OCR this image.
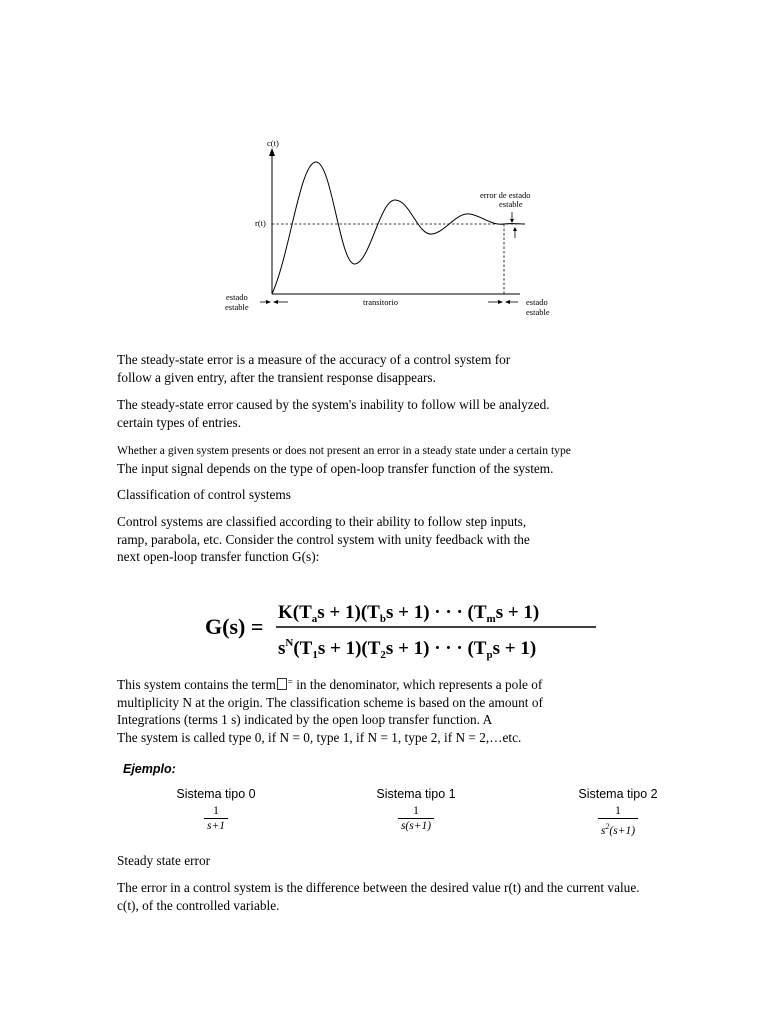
c(t)
r(t)
error de estado
estable
estado
estable	transitorio	estado
estable

The steady-state error is a measure of the accuracy of a control system for
follow a given entry, after the transient response disappears.

The steady-state error caused by the system's inability to follow will be analyzed.
certain types of entries.

Whether a given system presents or does not present an error in a steady state under a certain type
The input signal depends on the type of open-loop transfer function of the system.

Classification of control systems

Control systems are classified according to their ability to follow step inputs,
ramp, parabola, etc. Consider the control system with unity feedback with the
next open-loop transfer function G(s):

G(s) =
$K(T_as + 1)(T_bs + 1)$ · · · $(T_ms + 1)$
$s^N(T_1s + 1)(T_2s + 1)$ · · · $(T_ps + 1)$

This system contains the term = in the denominator, which represents a pole of
multiplicity N at the origin. The classification scheme is based on the amount of
Integrations (terms 1 s) indicated by the open loop transfer function. A
The system is called type 0, if N = 0, type 1, if N = 1, type 2, if N = 2,…etc.

Ejemplo:
Sistema tipo 0
$\frac{1}{s+1}$
Sistema tipo 1
$\frac{1}{s(s+1)}$
Sistema tipo 2
$\frac{1}{s^2(s+1)}$

Steady state error

The error in a control system is the difference between the desired value r(t) and the current value.
c(t), of the controlled variable.
